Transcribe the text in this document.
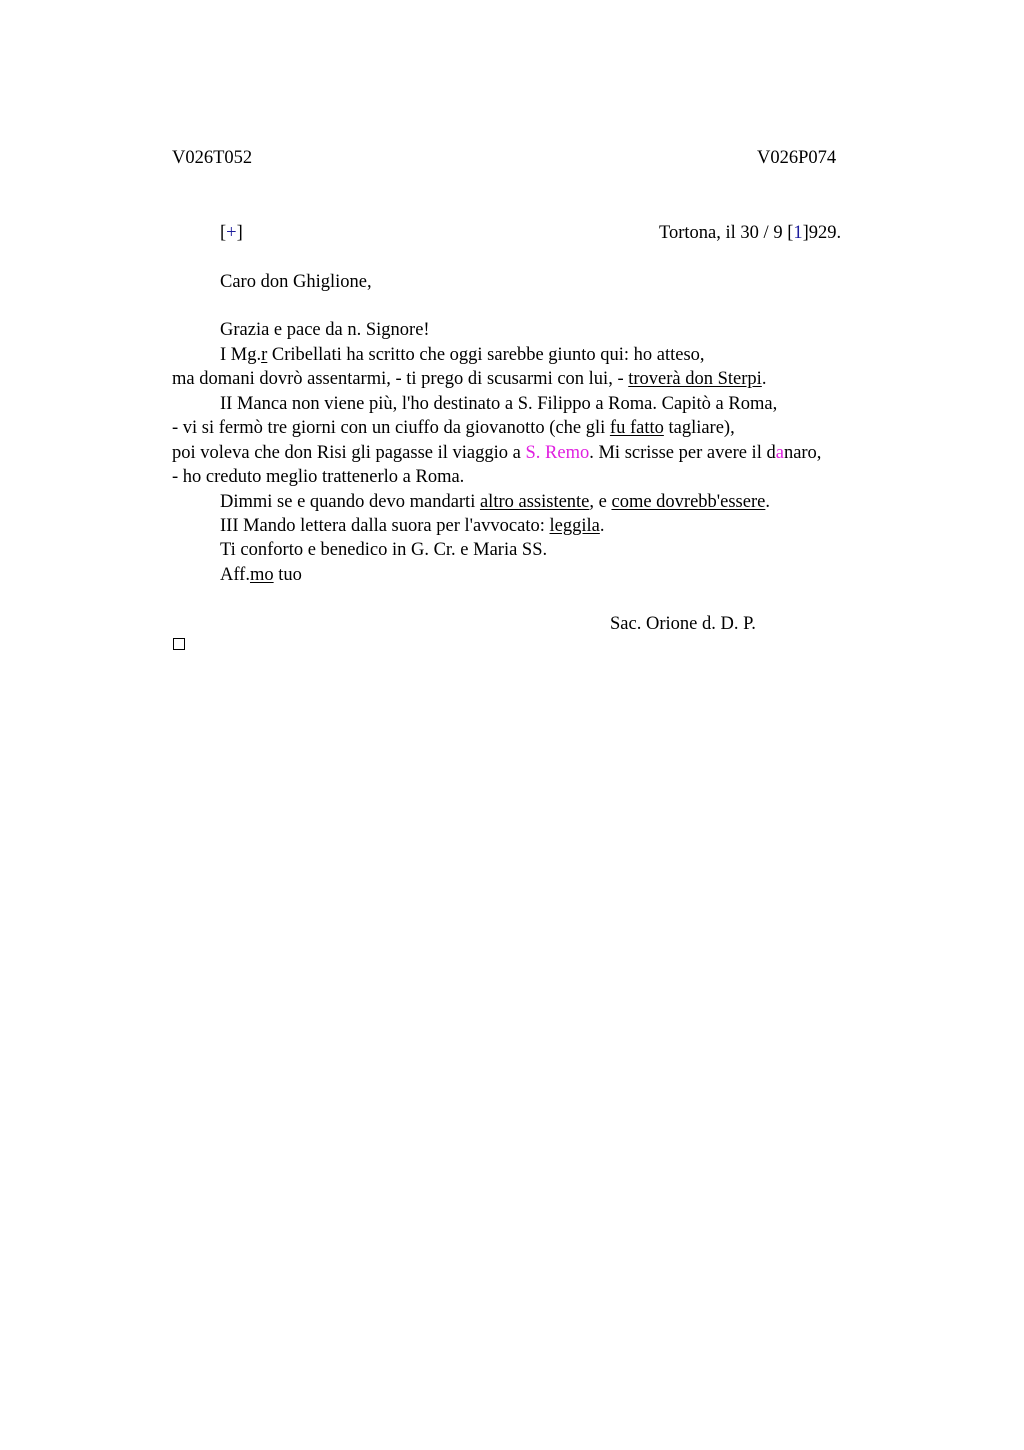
V026T052	V026P074
[+]	Tortona, il 30 / 9 [1]929.
Caro don Ghiglione,
Grazia e pace da n. Signore!
I Mg.r Cribellati ha scritto che oggi sarebbe giunto qui: ho atteso,
ma domani dovrò assentarmi, - ti prego di scusarmi con lui, - troverà don Sterpi.
II Manca non viene più, l'ho destinato a S. Filippo a Roma. Capitò a Roma,
- vi si fermò tre giorni con un ciuffo da giovanotto (che gli fu fatto tagliare),
poi voleva che don Risi gli pagasse il viaggio a S. Remo. Mi scrisse per avere il danaro,
- ho creduto meglio trattenerlo a Roma.
Dimmi se e quando devo mandarti altro assistente, e come dovrebb'essere.
III Mando lettera dalla suora per l'avvocato: leggila.
Ti conforto e benedico in G. Cr. e Maria SS.
Aff.mo tuo
Sac. Orione d. D. P.
